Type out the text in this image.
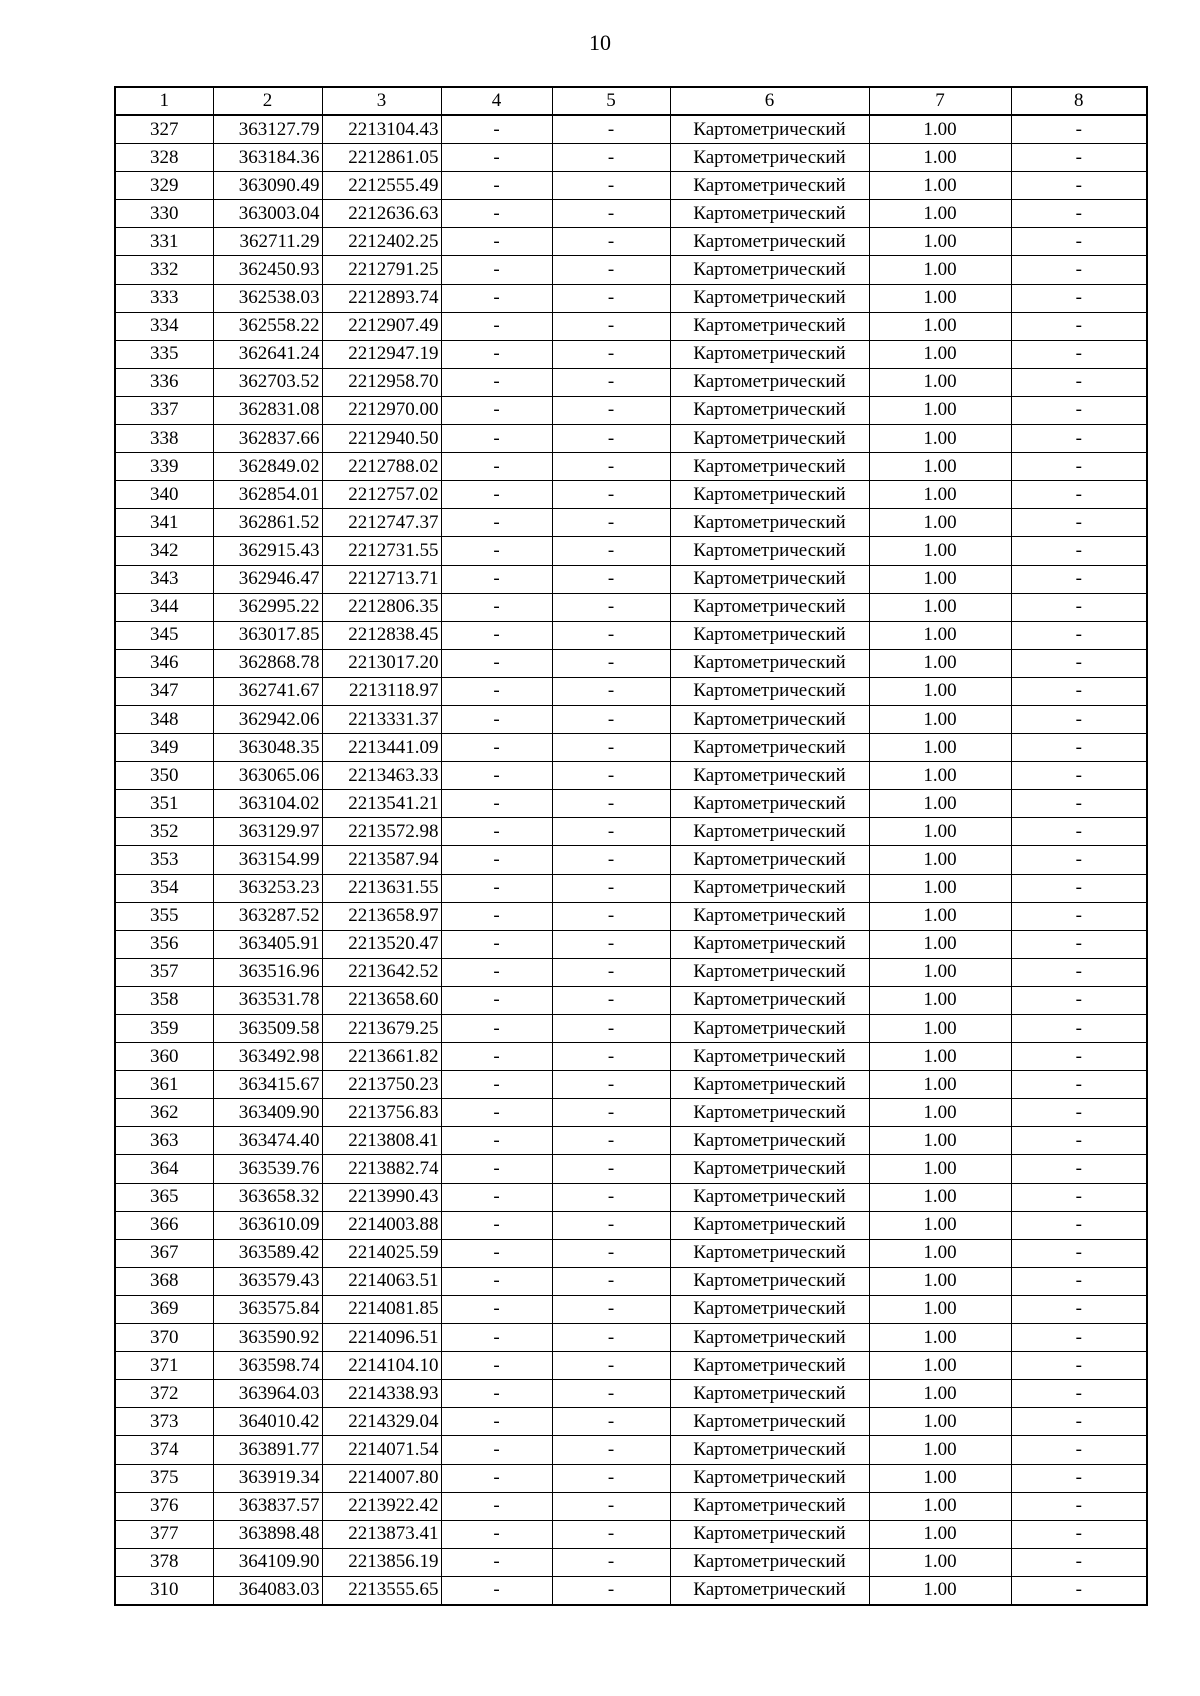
10
1	2	3	4	5	6	7	8
327	363127.79	2213104.43	-	-	Картометрический	1.00	-
328	363184.36	2212861.05	-	-	Картометрический	1.00	-
329	363090.49	2212555.49	-	-	Картометрический	1.00	-
330	363003.04	2212636.63	-	-	Картометрический	1.00	-
331	362711.29	2212402.25	-	-	Картометрический	1.00	-
332	362450.93	2212791.25	-	-	Картометрический	1.00	-
333	362538.03	2212893.74	-	-	Картометрический	1.00	-
334	362558.22	2212907.49	-	-	Картометрический	1.00	-
335	362641.24	2212947.19	-	-	Картометрический	1.00	-
336	362703.52	2212958.70	-	-	Картометрический	1.00	-
337	362831.08	2212970.00	-	-	Картометрический	1.00	-
338	362837.66	2212940.50	-	-	Картометрический	1.00	-
339	362849.02	2212788.02	-	-	Картометрический	1.00	-
340	362854.01	2212757.02	-	-	Картометрический	1.00	-
341	362861.52	2212747.37	-	-	Картометрический	1.00	-
342	362915.43	2212731.55	-	-	Картометрический	1.00	-
343	362946.47	2212713.71	-	-	Картометрический	1.00	-
344	362995.22	2212806.35	-	-	Картометрический	1.00	-
345	363017.85	2212838.45	-	-	Картометрический	1.00	-
346	362868.78	2213017.20	-	-	Картометрический	1.00	-
347	362741.67	2213118.97	-	-	Картометрический	1.00	-
348	362942.06	2213331.37	-	-	Картометрический	1.00	-
349	363048.35	2213441.09	-	-	Картометрический	1.00	-
350	363065.06	2213463.33	-	-	Картометрический	1.00	-
351	363104.02	2213541.21	-	-	Картометрический	1.00	-
352	363129.97	2213572.98	-	-	Картометрический	1.00	-
353	363154.99	2213587.94	-	-	Картометрический	1.00	-
354	363253.23	2213631.55	-	-	Картометрический	1.00	-
355	363287.52	2213658.97	-	-	Картометрический	1.00	-
356	363405.91	2213520.47	-	-	Картометрический	1.00	-
357	363516.96	2213642.52	-	-	Картометрический	1.00	-
358	363531.78	2213658.60	-	-	Картометрический	1.00	-
359	363509.58	2213679.25	-	-	Картометрический	1.00	-
360	363492.98	2213661.82	-	-	Картометрический	1.00	-
361	363415.67	2213750.23	-	-	Картометрический	1.00	-
362	363409.90	2213756.83	-	-	Картометрический	1.00	-
363	363474.40	2213808.41	-	-	Картометрический	1.00	-
364	363539.76	2213882.74	-	-	Картометрический	1.00	-
365	363658.32	2213990.43	-	-	Картометрический	1.00	-
366	363610.09	2214003.88	-	-	Картометрический	1.00	-
367	363589.42	2214025.59	-	-	Картометрический	1.00	-
368	363579.43	2214063.51	-	-	Картометрический	1.00	-
369	363575.84	2214081.85	-	-	Картометрический	1.00	-
370	363590.92	2214096.51	-	-	Картометрический	1.00	-
371	363598.74	2214104.10	-	-	Картометрический	1.00	-
372	363964.03	2214338.93	-	-	Картометрический	1.00	-
373	364010.42	2214329.04	-	-	Картометрический	1.00	-
374	363891.77	2214071.54	-	-	Картометрический	1.00	-
375	363919.34	2214007.80	-	-	Картометрический	1.00	-
376	363837.57	2213922.42	-	-	Картометрический	1.00	-
377	363898.48	2213873.41	-	-	Картометрический	1.00	-
378	364109.90	2213856.19	-	-	Картометрический	1.00	-
310	364083.03	2213555.65	-	-	Картометрический	1.00	-
